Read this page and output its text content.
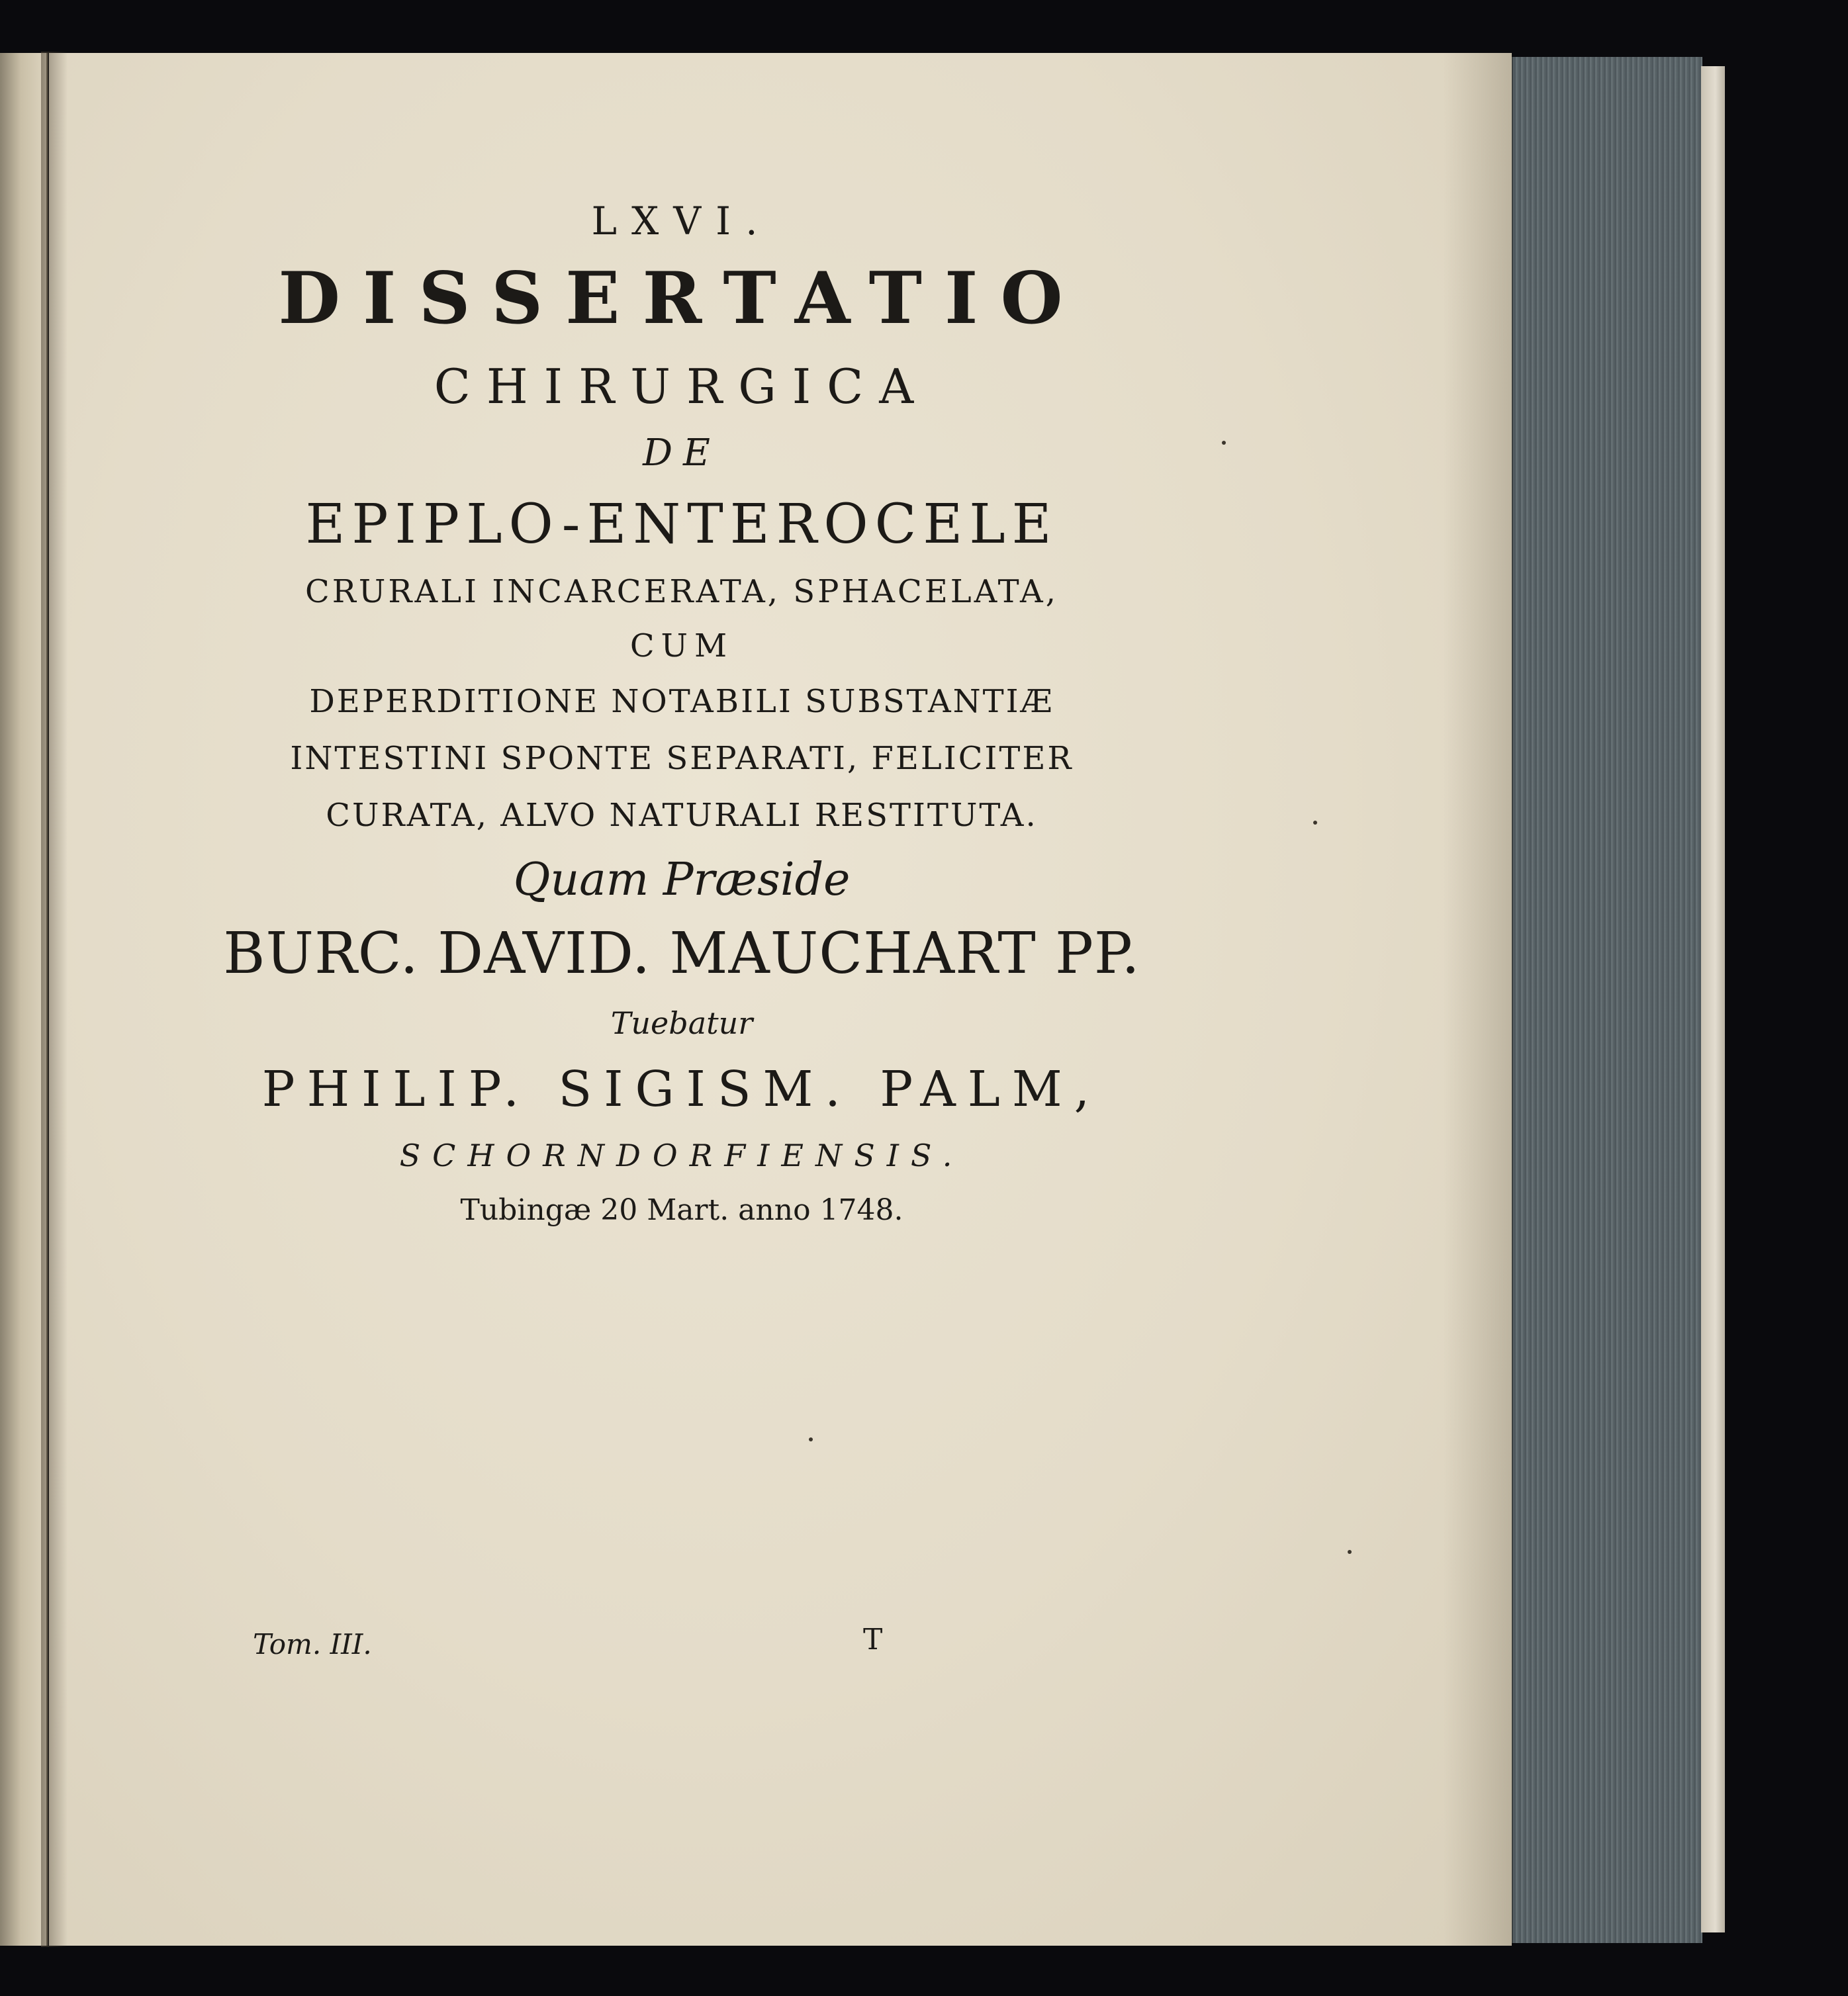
LXVI.
DISSERTATIO
CHIRURGICA
DE
EPIPLO-ENTEROCELE
CRURALI INCARCERATA, SPHACELATA,
CUM
DEPERDITIONE NOTABILI SUBSTANTIÆ
INTESTINI SPONTE SEPARATI, FELICITER
CURATA, ALVO NATURALI RESTITUTA.
Quam Præside
BURC. DAVID. MAUCHART PP.
Tuebatur
PHILIP. SIGISM. PALM,
SCHORNDORFIENSIS.
Tubingæ 20 Mart. anno 1748.
Tom. III.	T
